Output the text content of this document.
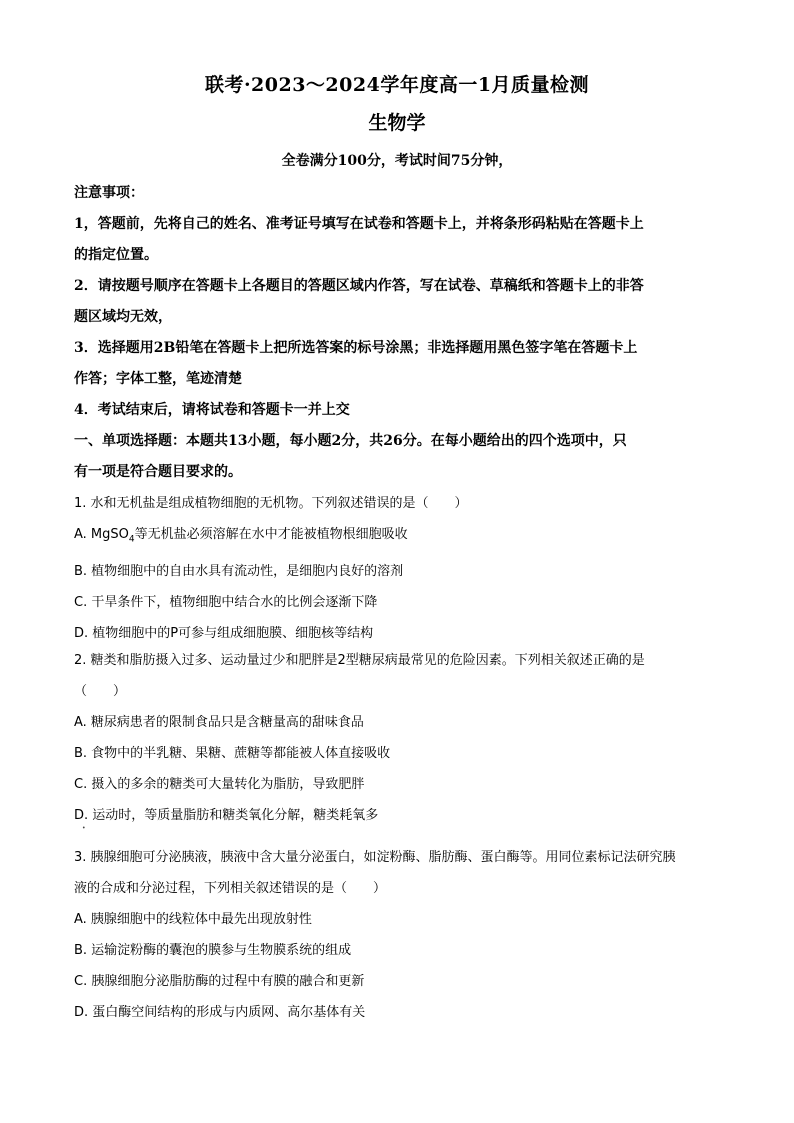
联考·2023～2024学年度高一1月质量检测
生物学
全卷满分100分，考试时间75分钟，
注意事项：
1，答题前，先将自己的姓名、准考证号填写在试卷和答题卡上，并将条形码粘贴在答题卡上
的指定位置。
2．请按题号顺序在答题卡上各题目的答题区域内作答，写在试卷、草稿纸和答题卡上的非答
题区域均无效，
3．选择题用2B铅笔在答题卡上把所选答案的标号涂黑；非选择题用黑色签字笔在答题卡上
作答；字体工整，笔迹清楚
4．考试结束后，请将试卷和答题卡一并上交
一、单项选择题：本题共13小题，每小题2分，共26分。在每小题给出的四个选项中，只
有一项是符合题目要求的。
1. 水和无机盐是组成植物细胞的无机物。下列叙述错误的是（　　）
A. MgSO$_4$等无机盐必须溶解在水中才能被植物根细胞吸收
B. 植物细胞中的自由水具有流动性，是细胞内良好的溶剂
C. 干旱条件下，植物细胞中结合水的比例会逐渐下降
D. 植物细胞中的P可参与组成细胞膜、细胞核等结构
2. 糖类和脂肪摄入过多、运动量过少和肥胖是2型糖尿病最常见的危险因素。下列相关叙述正确的是
（　　）
A. 糖尿病患者的限制食品只是含糖量高的甜味食品
B. 食物中的半乳糖、果糖、蔗糖等都能被人体直接吸收
C. 摄入的多余的糖类可大量转化为脂肪，导致肥胖
D. 运动时，等质量脂肪和糖类氧化分解，糖类耗氧多
•
3. 胰腺细胞可分泌胰液，胰液中含大量分泌蛋白，如淀粉酶、脂肪酶、蛋白酶等。用同位素标记法研究胰
液的合成和分泌过程，下列相关叙述错误的是（　　）
A. 胰腺细胞中的线粒体中最先出现放射性
B. 运输淀粉酶的囊泡的膜参与生物膜系统的组成
C. 胰腺细胞分泌脂肪酶的过程中有膜的融合和更新
D. 蛋白酶空间结构的形成与内质网、高尔基体有关
